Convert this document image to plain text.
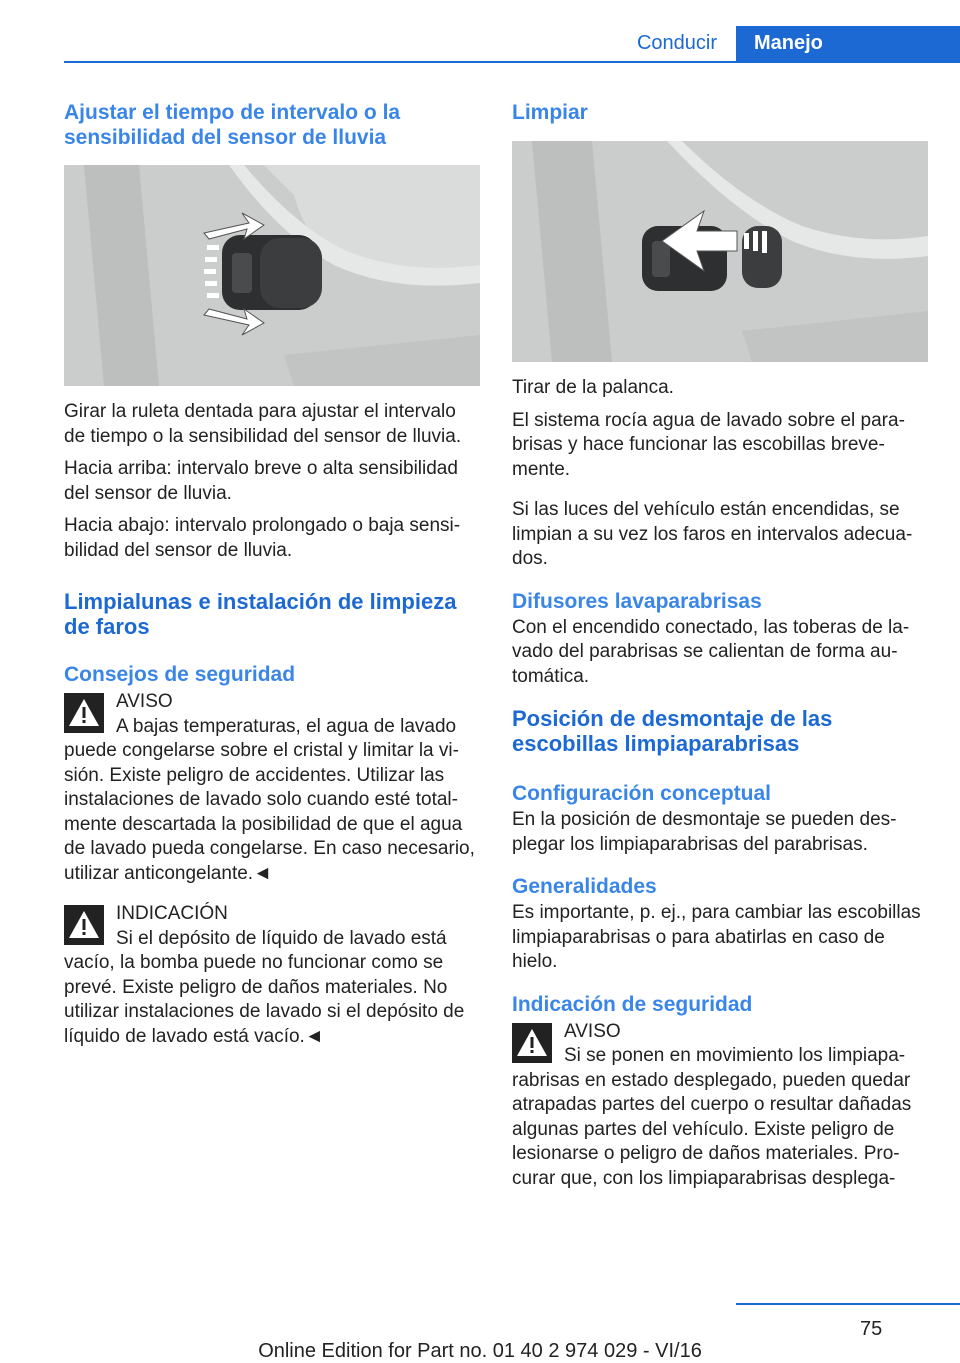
Conducir	Manejo
Ajustar el tiempo de intervalo o la sensibilidad del sensor de lluvia

Girar la ruleta dentada para ajustar el intervalo de tiempo o la sensibilidad del sensor de lluvia.

Hacia arriba: intervalo breve o alta sensibilidad del sensor de lluvia.

Hacia abajo: intervalo prolongado o baja sensibilidad del sensor de lluvia.

Limpialunas e instalación de limpieza de faros
Consejos de seguridad
AVISO

A bajas temperaturas, el agua de lavado puede congelarse sobre el cristal y limitar la visión. Existe peligro de accidentes. Utilizar las instalaciones de lavado solo cuando esté totalmente descartada la posibilidad de que el agua de lavado pueda congelarse. En caso necesario, utilizar anticongelante.◄

INDICACIÓN

Si el depósito de líquido de lavado está vacío, la bomba puede no funcionar como se prevé. Existe peligro de daños materiales. No utilizar instalaciones de lavado si el depósito de líquido de lavado está vacío.◄

Limpiar

Tirar de la palanca.

El sistema rocía agua de lavado sobre el parabrisas y hace funcionar las escobillas brevemente.

Si las luces del vehículo están encendidas, se limpian a su vez los faros en intervalos adecuados.

Difusores lavaparabrisas

Con el encendido conectado, las toberas de lavado del parabrisas se calientan de forma automática.

Posición de desmontaje de las escobillas limpiaparabrisas
Configuración conceptual

En la posición de desmontaje se pueden desplegar los limpiaparabrisas del parabrisas.

Generalidades

Es importante, p. ej., para cambiar las escobillas limpiaparabrisas o para abatirlas en caso de hielo.

Indicación de seguridad
AVISO

Si se ponen en movimiento los limpiaparabrisas en estado desplegado, pueden quedar atrapadas partes del cuerpo o resultar dañadas algunas partes del vehículo. Existe peligro de lesionarse o peligro de daños materiales. Procurar que, con los limpiaparabrisas desplega-

75
Online Edition for Part no. 01 40 2 974 029 - VI/16
